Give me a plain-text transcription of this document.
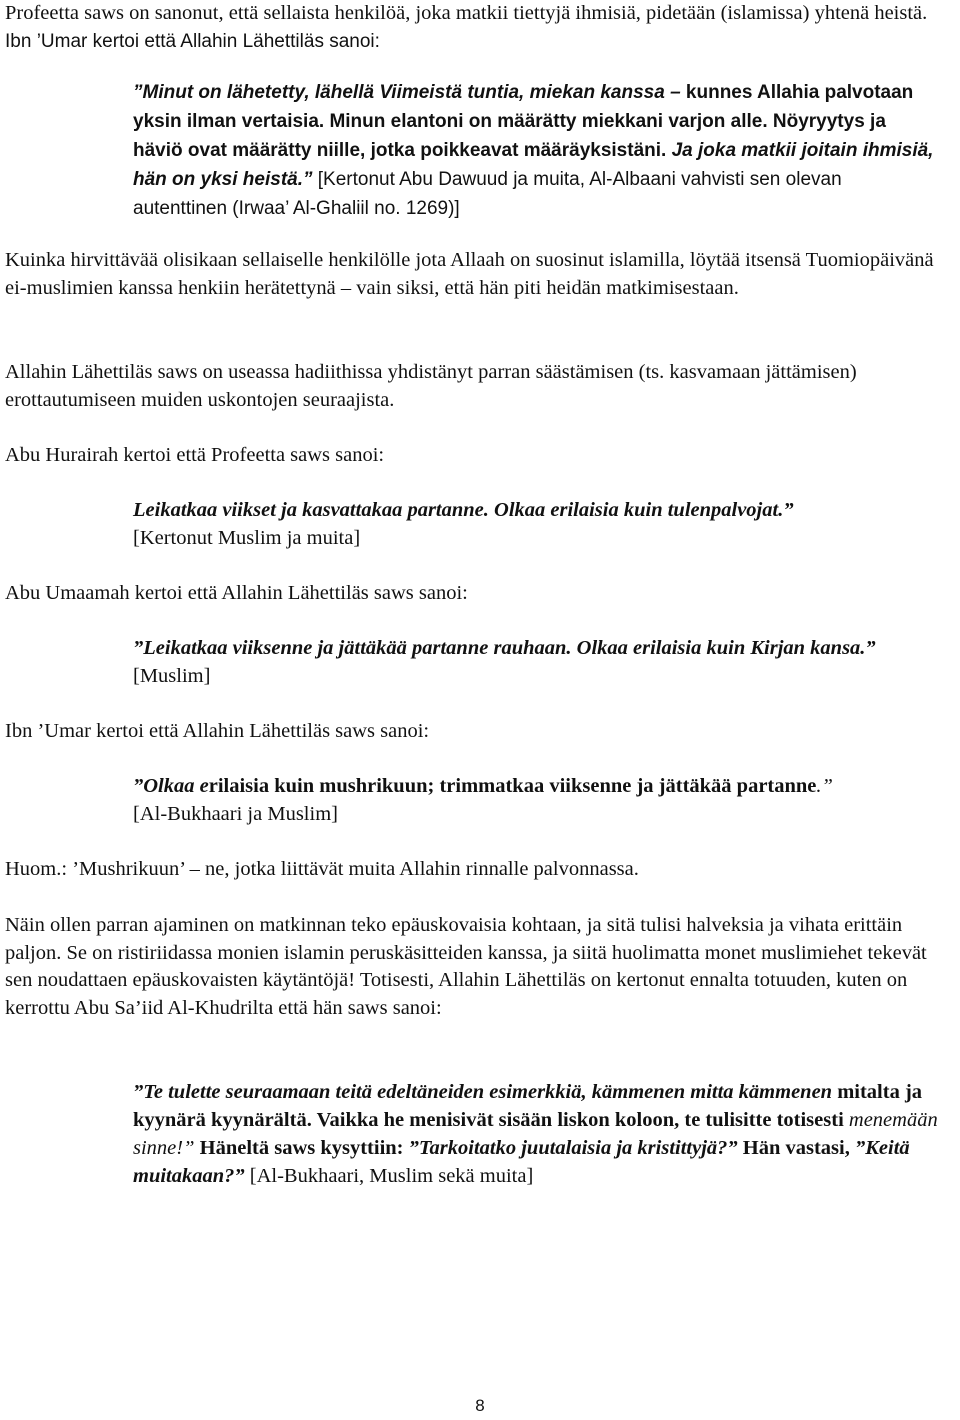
Profeetta saws on sanonut, että sellaista henkilöä, joka matkii tiettyjä ihmisiä, pidetään (islamissa) yhtenä heistä. Ibn ’Umar kertoi että Allahin Lähettiläs sanoi:

”Minut on lähetetty, lähellä Viimeistä tuntia, miekan kanssa – kunnes Allahia palvotaan yksin ilman vertaisia. Minun elantoni on määrätty miekkani varjon alle. Nöyryytys ja häviö ovat määrätty niille, jotka poikkeavat määräyksistäni. Ja joka matkii joitain ihmisiä, hän on yksi heistä.” [Kertonut Abu Dawuud ja muita, Al-Albaani vahvisti sen olevan autenttinen (Irwaa’ Al-Ghaliil no. 1269)]

Kuinka hirvittävää olisikaan sellaiselle henkilölle jota Allaah on suosinut islamilla, löytää itsensä Tuomiopäivänä ei-muslimien kanssa henkiin herätettynä – vain siksi, että hän piti heidän matkimisestaan.

Allahin Lähettiläs saws on useassa hadiithissa yhdistänyt parran säästämisen (ts. kasvamaan jättämisen) erottautumiseen muiden uskontojen seuraajista.

Abu Hurairah kertoi että Profeetta saws sanoi:

Leikatkaa viikset ja kasvattakaa partanne. Olkaa erilaisia kuin tulenpalvojat.”
[Kertonut Muslim ja muita]

Abu Umaamah kertoi että Allahin Lähettiläs saws sanoi:

”Leikatkaa viiksenne ja jättäkää partanne rauhaan. Olkaa erilaisia kuin Kirjan kansa.” [Muslim]

Ibn ’Umar kertoi että Allahin Lähettiläs saws sanoi:

”Olkaa erilaisia kuin mushrikuun; trimmatkaa viiksenne ja jättäkää partanne.”
[Al-Bukhaari ja Muslim]

Huom.: ’Mushrikuun’ – ne, jotka liittävät muita Allahin rinnalle palvonnassa.

Näin ollen parran ajaminen on matkinnan teko epäuskovaisia kohtaan, ja sitä tulisi halveksia ja vihata erittäin paljon. Se on ristiriidassa monien islamin peruskäsitteiden kanssa, ja siitä huolimatta monet muslimiehet tekevät sen noudattaen epäuskovaisten käytäntöjä! Totisesti, Allahin Lähettiläs on kertonut ennalta totuuden, kuten on kerrottu Abu Sa’iid Al-Khudrilta että hän saws sanoi:

”Te tulette seuraamaan teitä edeltäneiden esimerkkiä, kämmenen mitta kämmenen mitalta ja kyynärä kyynärältä. Vaikka he menisivät sisään liskon koloon, te tulisitte totisesti menemään sinne!” Häneltä saws kysyttiin: ”Tarkoitatko juutalaisia ja kristittyjä?” Hän vastasi, ”Keitä muitakaan?” [Al-Bukhaari, Muslim sekä muita]

8
